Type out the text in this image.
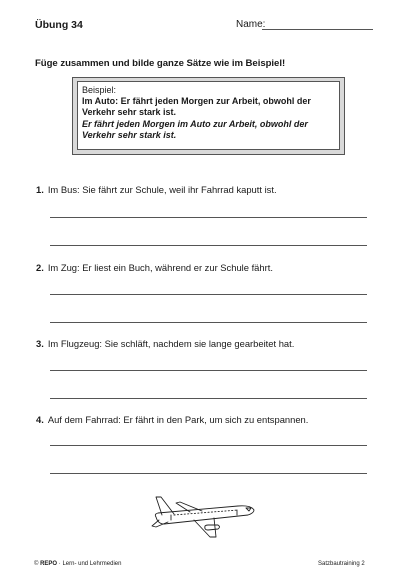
Übung 34	Name:
Füge zusammen und bilde ganze Sätze wie im Beispiel!
Beispiel:
Im Auto: Er fährt jeden Morgen zur Arbeit, obwohl der
Verkehr sehr stark ist.
Er fährt jeden Morgen im Auto zur Arbeit, obwohl der
Verkehr sehr stark ist.
1. Im Bus: Sie fährt zur Schule, weil ihr Fahrrad kaputt ist.
2. Im Zug: Er liest ein Buch, während er zur Schule fährt.
3. Im Flugzeug: Sie schläft, nachdem sie lange gearbeitet hat.
4. Auf dem Fahrrad: Er fährt in den Park, um sich zu entspannen.
© REPO · Lern- und Lehrmedien	Satzbautraining 2
